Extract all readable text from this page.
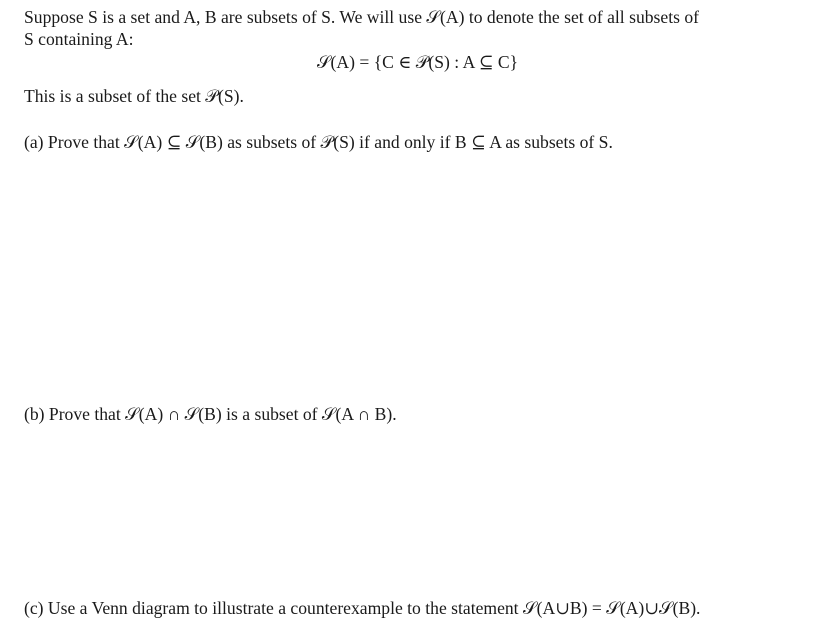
Suppose S is a set and A, B are subsets of S. We will use 𝒮(A) to denote the set of all subsets of
S containing A:
𝒮(A) = {C ∈ 𝒫(S) : A ⊆ C}
This is a subset of the set 𝒫(S).
(a) Prove that 𝒮(A) ⊆ 𝒮(B) as subsets of 𝒫(S) if and only if B ⊆ A as subsets of S.
(b) Prove that 𝒮(A) ∩ 𝒮(B) is a subset of 𝒮(A ∩ B).
(c) Use a Venn diagram to illustrate a counterexample to the statement 𝒮(A∪B) = 𝒮(A)∪𝒮(B).
